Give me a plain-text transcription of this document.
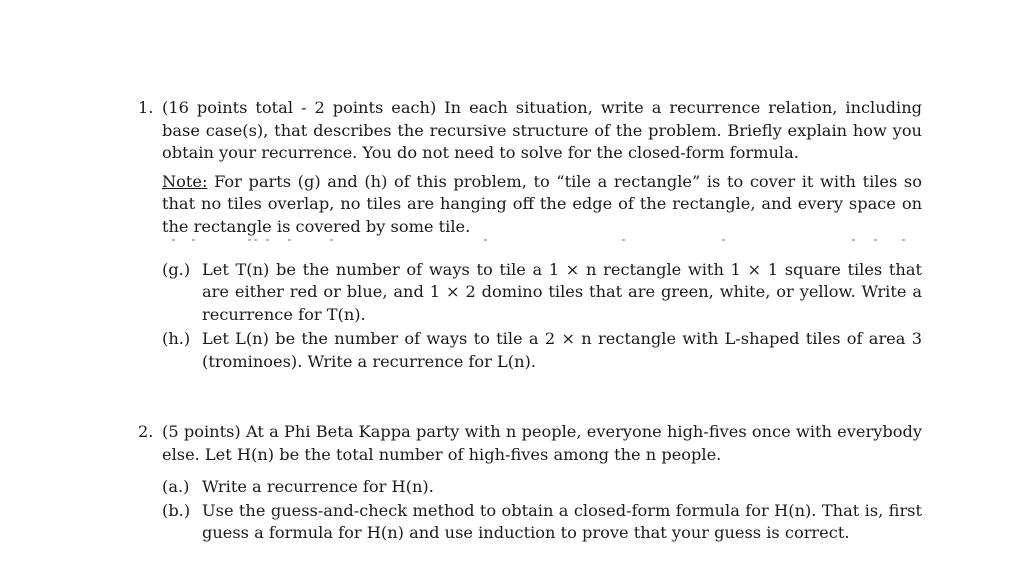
1. (16 points total - 2 points each) In each situation, write a recurrence relation, including base case(s), that describes the recursive structure of the problem. Briefly explain how you obtain your recurrence. You do not need to solve for the closed-form formula.

Note: For parts (g) and (h) of this problem, to “tile a rectangle” is to cover it with tiles so that no tiles overlap, no tiles are hanging off the edge of the rectangle, and every space on the rectangle is covered by some tile.

(g.) Let T(n) be the number of ways to tile a 1 × n rectangle with 1 × 1 square tiles that are either red or blue, and 1 × 2 domino tiles that are green, white, or yellow. Write a recurrence for T(n).
(h.) Let L(n) be the number of ways to tile a 2 × n rectangle with L-shaped tiles of area 3 (trominoes). Write a recurrence for L(n).
2. (5 points) At a Phi Beta Kappa party with n people, everyone high-fives once with everybody else. Let H(n) be the total number of high-fives among the n people.

(a.) Write a recurrence for H(n).
(b.) Use the guess-and-check method to obtain a closed-form formula for H(n). That is, first guess a formula for H(n) and use induction to prove that your guess is correct.
